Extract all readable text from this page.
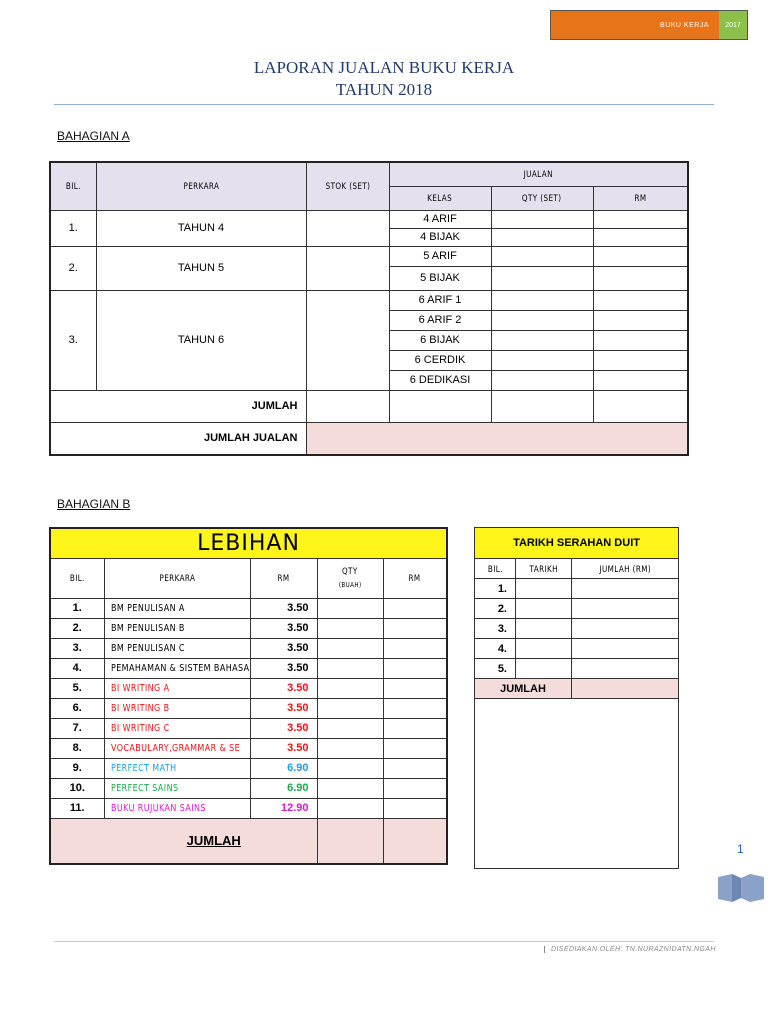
BUKU KERJA	2017
LAPORAN JUALAN BUKU KERJA
TAHUN 2018
BAHAGIAN A
BIL.	PERKARA	STOK (SET)	JUALAN		
			KELAS	QTY (SET)	RM
1.	TAHUN 4		4 ARIF		
			4 BIJAK		
2.	TAHUN 5		5 ARIF		
			5 BIJAK		
3.	TAHUN 6		6 ARIF 1		
			6 ARIF 2		
			6 BIJAK		
			6 CERDIK		
			6 DEDIKASI		
JUMLAH					
JUMLAH JUALAN					
BAHAGIAN B
LEBIHAN				
BIL.	PERKARA	RM	QTY
(BUAH)	RM
1.	BM PENULISAN A	3.50		
2.	BM PENULISAN B	3.50		
3.	BM PENULISAN C	3.50		
4.	PEMAHAMAN & SISTEM BAHASA	3.50		
5.	BI WRITING A	3.50		
6.	BI WRITING B	3.50		
7.	BI WRITING C	3.50		
8.	VOCABULARY,GRAMMAR & SE	3.50		
9.	PERFECT MATH	6.90		
10.	PERFECT SAINS	6.90		
11.	BUKU RUJUKAN SAINS	12.90		
JUMLAH				
TARIKH SERAHAN DUIT		
BIL.	TARIKH	JUMLAH (RM)
1.		
2.		
3.		
4.		
5.		
JUMLAH		

1
DISEDIAKAN OLEH: TN.NURAZNIDATN.NGAH
